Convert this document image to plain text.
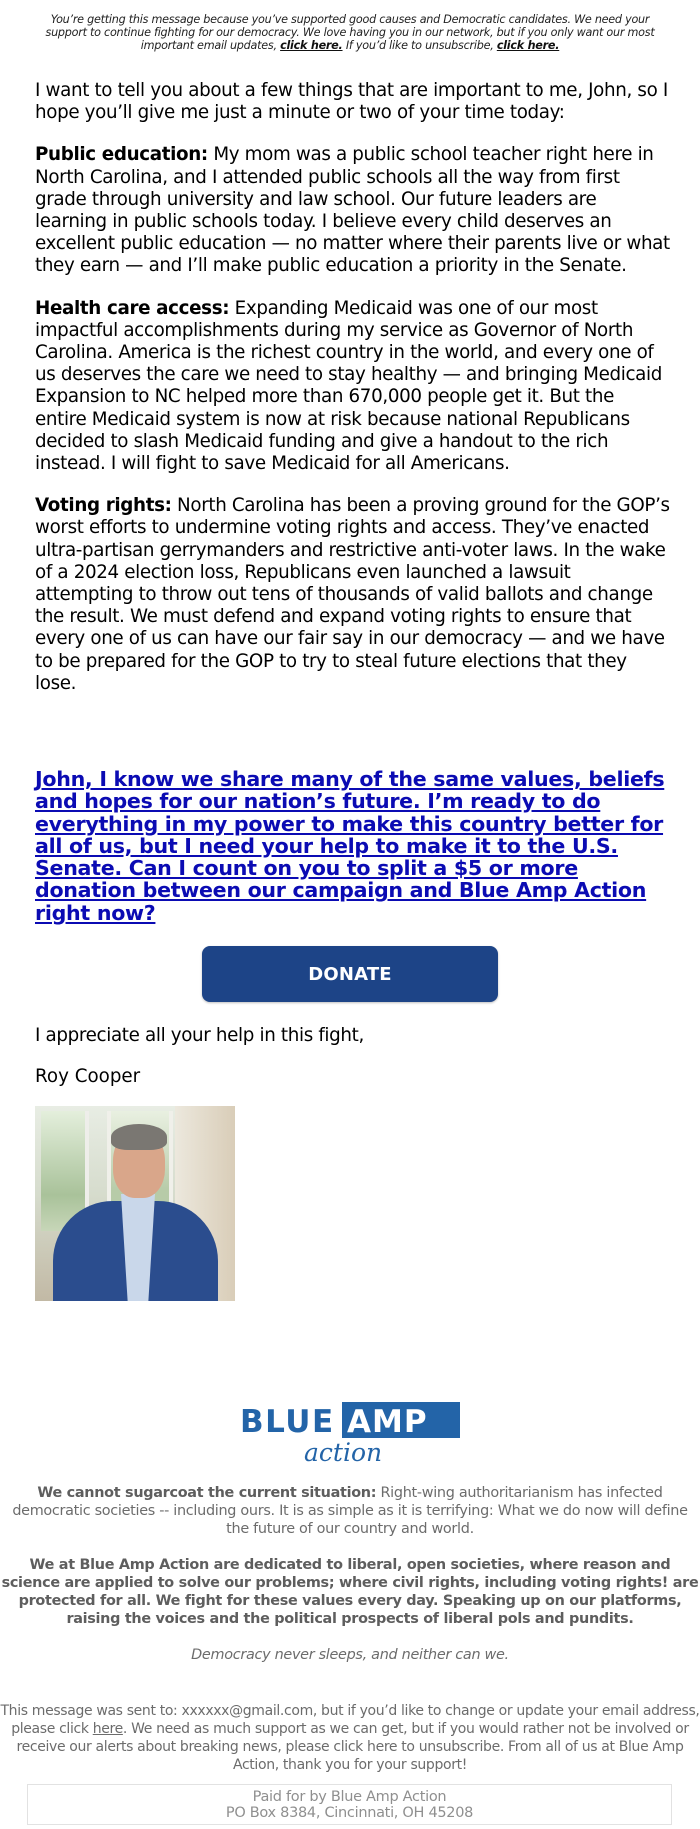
You’re getting this message because you’ve supported good causes and Democratic candidates. We need your support to continue fighting for our democracy. We love having you in our network, but if you only want our most important email updates, click here. If you’d like to unsubscribe, click here.

I want to tell you about a few things that are important to me, John, so I hope you’ll give me just a minute or two of your time today:

Public education: My mom was a public school teacher right here in North Carolina, and I attended public schools all the way from first grade through university and law school. Our future leaders are learning in public schools today. I believe every child deserves an excellent public education — no matter where their parents live or what they earn — and I’ll make public education a priority in the Senate.

Health care access: Expanding Medicaid was one of our most impactful accomplishments during my service as Governor of North Carolina. America is the richest country in the world, and every one of us deserves the care we need to stay healthy — and bringing Medicaid Expansion to NC helped more than 670,000 people get it. But the entire Medicaid system is now at risk because national Republicans decided to slash Medicaid funding and give a handout to the rich instead. I will fight to save Medicaid for all Americans.

Voting rights: North Carolina has been a proving ground for the GOP’s worst efforts to undermine voting rights and access. They’ve enacted ultra-partisan gerrymanders and restrictive anti-voter laws. In the wake of a 2024 election loss, Republicans even launched a lawsuit attempting to throw out tens of thousands of valid ballots and change the result. We must defend and expand voting rights to ensure that every one of us can have our fair say in our democracy — and we have to be prepared for the GOP to try to steal future elections that they lose.

John, I know we share many of the same values, beliefs and hopes for our nation’s future. I’m ready to do everything in my power to make this country better for all of us, but I need your help to make it to the U.S. Senate. Can I count on you to split a $5 or more donation between our campaign and Blue Amp Action right now?
DONATE
I appreciate all your help in this fight,
Roy Cooper
BLUE AMP
action

We cannot sugarcoat the current situation: Right-wing authoritarianism has infected democratic societies -- including ours. It is as simple as it is terrifying: What we do now will define the future of our country and world.

We at Blue Amp Action are dedicated to liberal, open societies, where reason and science are applied to solve our problems; where civil rights, including voting rights! are protected for all. We fight for these values every day. Speaking up on our platforms, raising the voices and the political prospects of liberal pols and pundits.

Democracy never sleeps, and neither can we.

This message was sent to: xxxxxx@gmail.com, but if you’d like to change or update your email address, please click here. We need as much support as we can get, but if you would rather not be involved or receive our alerts about breaking news, please click here to unsubscribe. From all of us at Blue Amp Action, thank you for your support!
Paid for by Blue Amp Action
PO Box 8384, Cincinnati, OH 45208
